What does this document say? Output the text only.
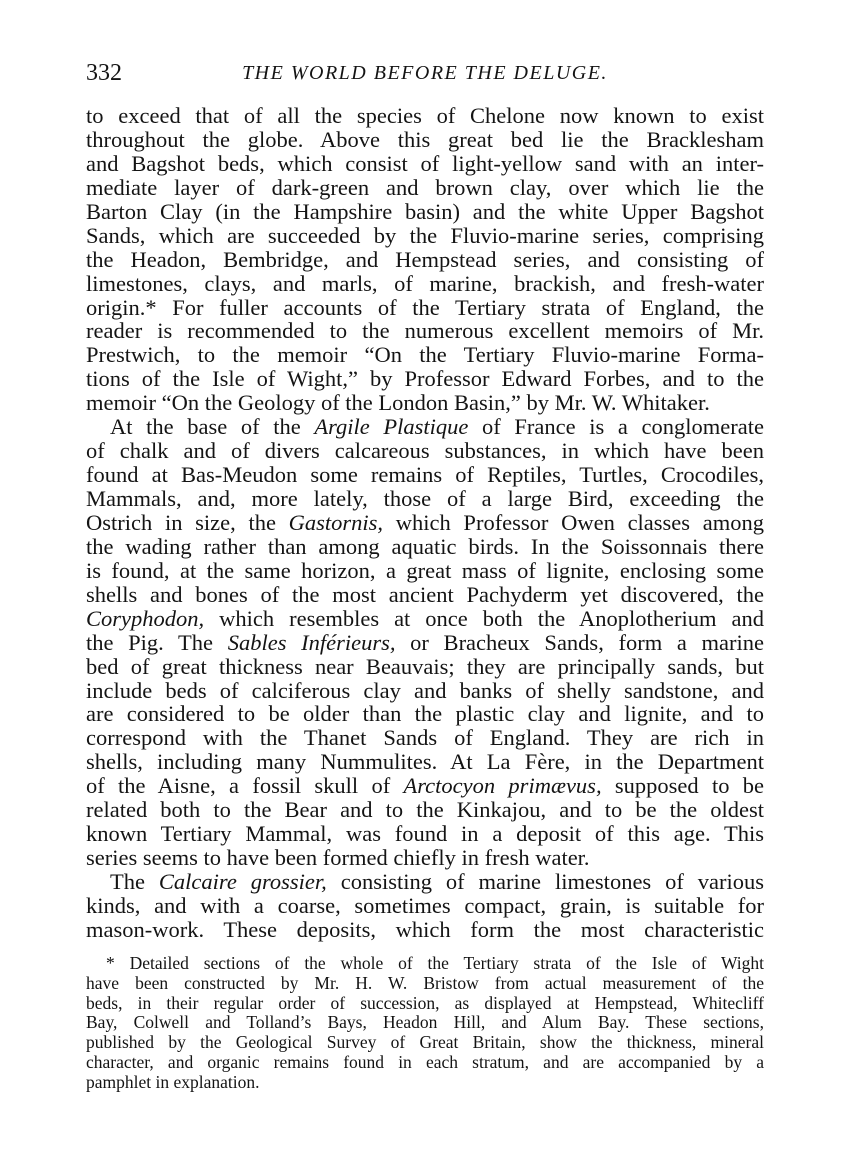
332	THE WORLD BEFORE THE DELUGE.
to exceed that of all the species of Chelone now known to exist
throughout the globe. Above this great bed lie the Bracklesham
and Bagshot beds, which consist of light-yellow sand with an inter-
mediate layer of dark-green and brown clay, over which lie the
Barton Clay (in the Hampshire basin) and the white Upper Bagshot
Sands, which are succeeded by the Fluvio-marine series, comprising
the Headon, Bembridge, and Hempstead series, and consisting of
limestones, clays, and marls, of marine, brackish, and fresh-water
origin.* For fuller accounts of the Tertiary strata of England, the
reader is recommended to the numerous excellent memoirs of Mr.
Prestwich, to the memoir “On the Tertiary Fluvio-marine Forma-
tions of the Isle of Wight,” by Professor Edward Forbes, and to the
memoir “On the Geology of the London Basin,” by Mr. W. Whitaker.
At the base of the Argile Plastique of France is a conglomerate
of chalk and of divers calcareous substances, in which have been
found at Bas-Meudon some remains of Reptiles, Turtles, Crocodiles,
Mammals, and, more lately, those of a large Bird, exceeding the
Ostrich in size, the Gastornis, which Professor Owen classes among
the wading rather than among aquatic birds. In the Soissonnais there
is found, at the same horizon, a great mass of lignite, enclosing some
shells and bones of the most ancient Pachyderm yet discovered, the
Coryphodon, which resembles at once both the Anoplotherium and
the Pig. The Sables Inférieurs, or Bracheux Sands, form a marine
bed of great thickness near Beauvais; they are principally sands, but
include beds of calciferous clay and banks of shelly sandstone, and
are considered to be older than the plastic clay and lignite, and to
correspond with the Thanet Sands of England. They are rich in
shells, including many Nummulites. At La Fère, in the Department
of the Aisne, a fossil skull of Arctocyon primævus, supposed to be
related both to the Bear and to the Kinkajou, and to be the oldest
known Tertiary Mammal, was found in a deposit of this age. This
series seems to have been formed chiefly in fresh water.
The Calcaire grossier, consisting of marine limestones of various
kinds, and with a coarse, sometimes compact, grain, is suitable for
mason-work. These deposits, which form the most characteristic
* Detailed sections of the whole of the Tertiary strata of the Isle of Wight
have been constructed by Mr. H. W. Bristow from actual measurement of the
beds, in their regular order of succession, as displayed at Hempstead, Whitecliff
Bay, Colwell and Tolland’s Bays, Headon Hill, and Alum Bay. These sections,
published by the Geological Survey of Great Britain, show the thickness, mineral
character, and organic remains found in each stratum, and are accompanied by a
pamphlet in explanation.
